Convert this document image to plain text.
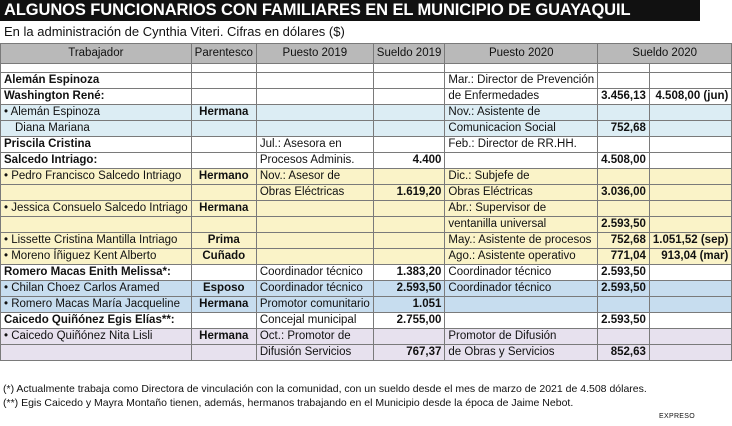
ALGUNOS FUNCIONARIOS CON FAMILIARES EN EL MUNICIPIO DE GUAYAQUIL
En la administración de Cynthia Viteri. Cifras en dólares ($)
Trabajador	Parentesco	Puesto 2019	Sueldo 2019	Puesto 2020	Sueldo 2020	

Alemán Espinoza				Mar.: Director de Prevención		
Washington René:				de Enfermedades	3.456,13	4.508,00 (jun)
• Alemán Espinoza	Hermana			Nov.: Asistente de		
Diana Mariana				Comunicacion Social	752,68	
Priscila Cristina		Jul.: Asesora en		Feb.: Director de RR.HH.		
Salcedo Intriago:		Procesos Adminis.	4.400		4.508,00	
• Pedro Francisco Salcedo Intriago	Hermano	Nov.: Asesor de		Dic.: Subjefe de		
		Obras Eléctricas	1.619,20	Obras Eléctricas	3.036,00	
• Jessica Consuelo Salcedo Intriago	Hermana			Abr.: Supervisor de		
				ventanilla universal	2.593,50	
• Lissette Cristina Mantilla Intriago	Prima			May.: Asistente de procesos	752,68	1.051,52 (sep)
• Moreno Íñiguez Kent Alberto	Cuñado			Ago.: Asistente operativo	771,04	913,04 (mar)
Romero Macas Enith Melissa*:		Coordinador técnico	1.383,20	Coordinador técnico	2.593,50	
• Chilan Choez Carlos Aramed	Esposo	Coordinador técnico	2.593,50	Coordinador técnico	2.593,50	
• Romero Macas María Jacqueline	Hermana	Promotor comunitario	1.051			
Caicedo Quiñónez Egis Elías**:		Concejal municipal	2.755,00		2.593,50	
• Caicedo Quiñónez Nita Lisli	Hermana	Oct.: Promotor de		Promotor de Difusión		
		Difusión Servicios	767,37	de Obras y Servicios	852,63	
(*) Actualmente trabaja como Directora de vinculación con la comunidad, con un sueldo desde el mes de marzo de 2021 de 4.508 dólares.
(**) Egis Caicedo y Mayra Montaño tienen, además, hermanos trabajando en el Municipio desde la época de Jaime Nebot.
EXPRESO
